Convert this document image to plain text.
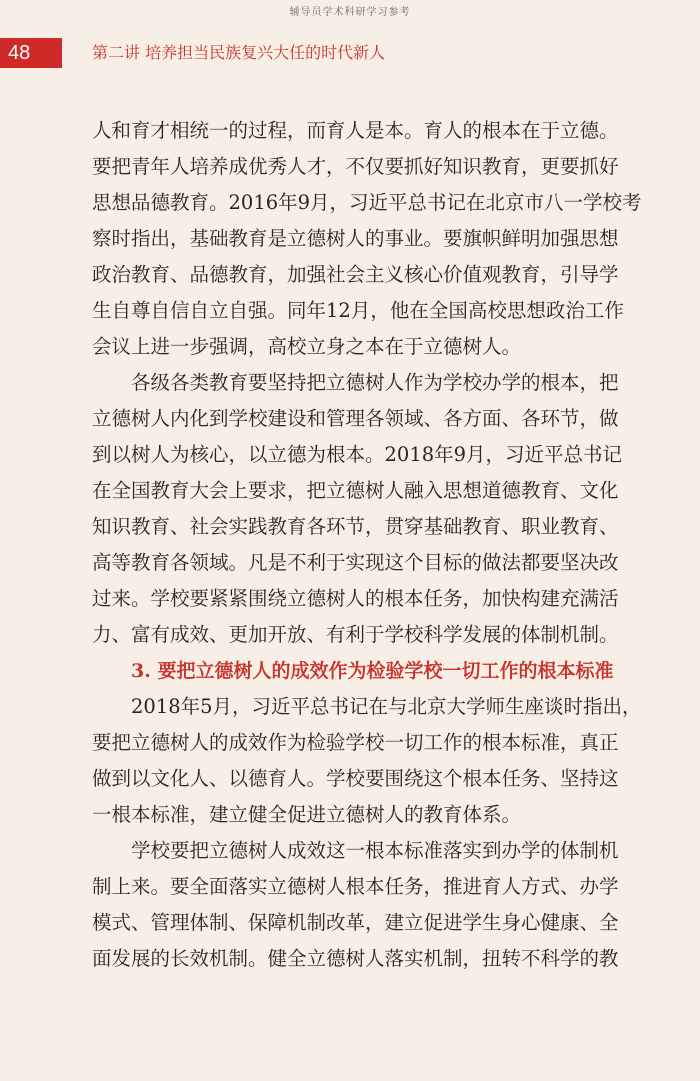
辅导员学术科研学习参考
48	第二讲 培养担当民族复兴大任的时代新人
人和育才相统一的过程，而育人是本。育人的根本在于立德。
要把青年人培养成优秀人才，不仅要抓好知识教育，更要抓好
思想品德教育。2016年9月，习近平总书记在北京市八一学校考
察时指出，基础教育是立德树人的事业。要旗帜鲜明加强思想
政治教育、品德教育，加强社会主义核心价值观教育，引导学
生自尊自信自立自强。同年12月，他在全国高校思想政治工作
会议上进一步强调，高校立身之本在于立德树人。
各级各类教育要坚持把立德树人作为学校办学的根本，把
立德树人内化到学校建设和管理各领域、各方面、各环节，做
到以树人为核心，以立德为根本。2018年9月，习近平总书记
在全国教育大会上要求，把立德树人融入思想道德教育、文化
知识教育、社会实践教育各环节，贯穿基础教育、职业教育、
高等教育各领域。凡是不利于实现这个目标的做法都要坚决改
过来。学校要紧紧围绕立德树人的根本任务，加快构建充满活
力、富有成效、更加开放、有利于学校科学发展的体制机制。
3. 要把立德树人的成效作为检验学校一切工作的根本标准
2018年5月，习近平总书记在与北京大学师生座谈时指出，
要把立德树人的成效作为检验学校一切工作的根本标准，真正
做到以文化人、以德育人。学校要围绕这个根本任务、坚持这
一根本标准，建立健全促进立德树人的教育体系。
学校要把立德树人成效这一根本标准落实到办学的体制机
制上来。要全面落实立德树人根本任务，推进育人方式、办学
模式、管理体制、保障机制改革，建立促进学生身心健康、全
面发展的长效机制。健全立德树人落实机制，扭转不科学的教
